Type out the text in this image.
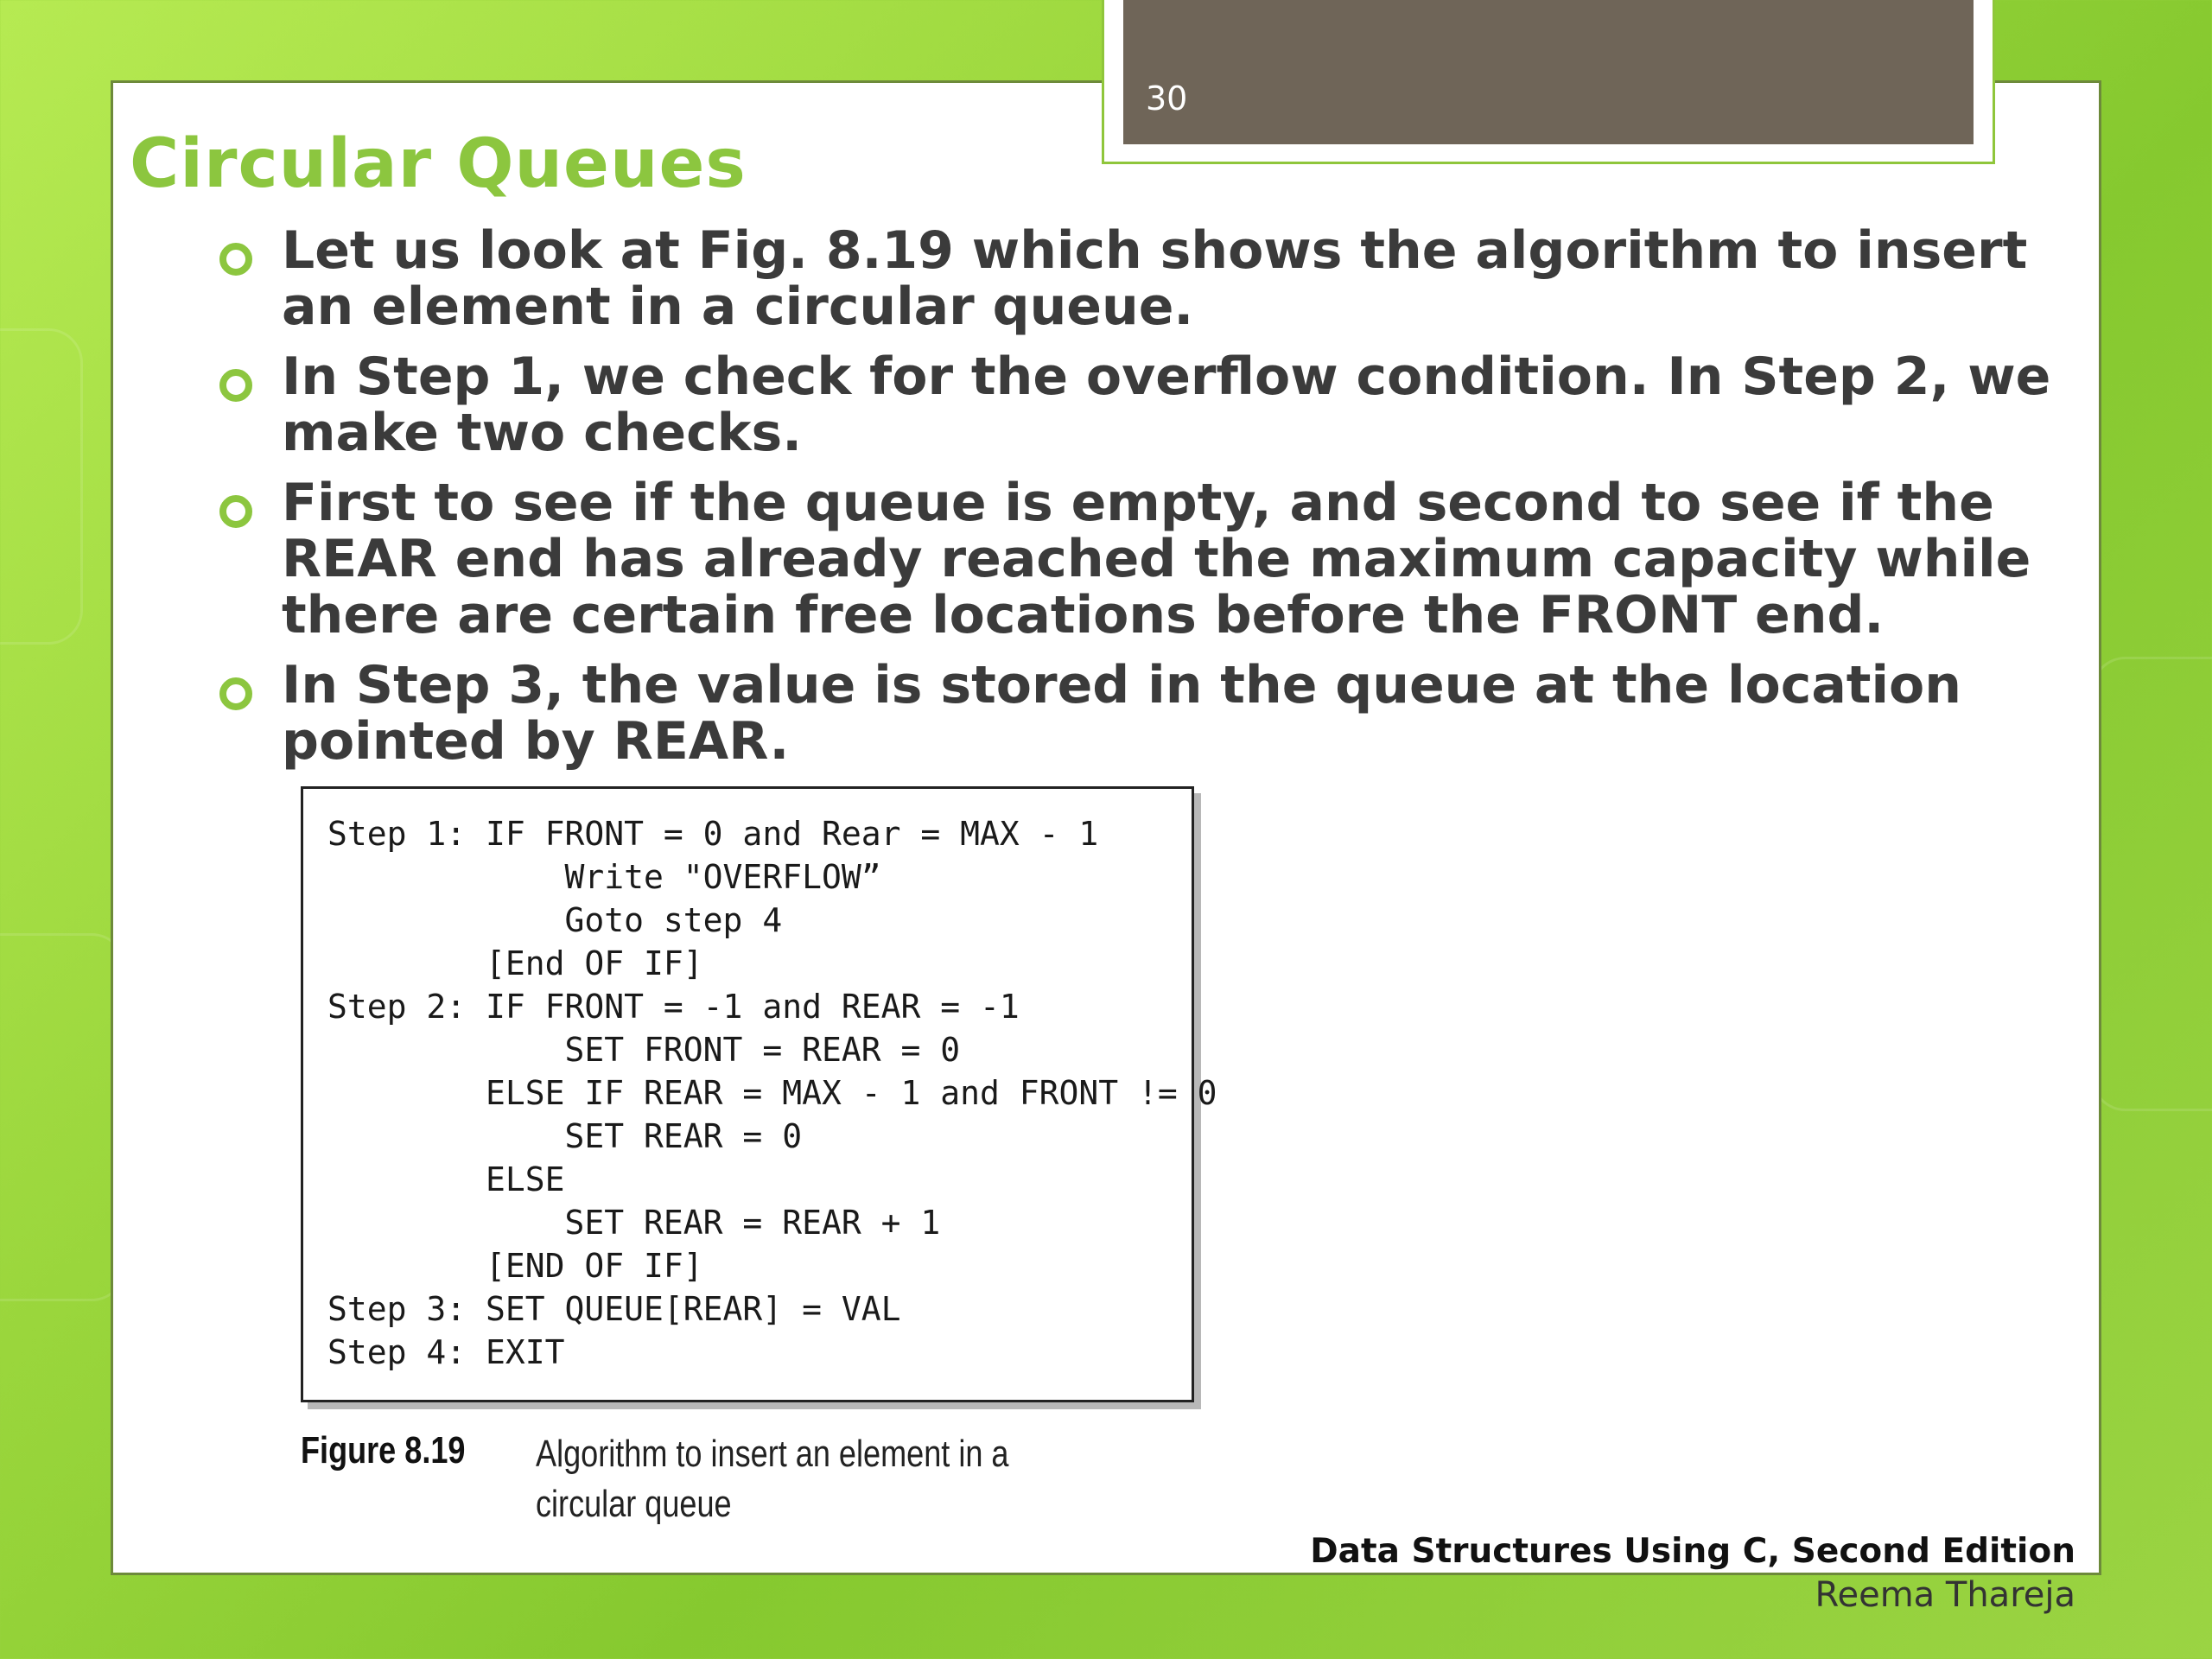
30
Circular Queues
Let us look at Fig. 8.19 which shows the algorithm to insert an element in a circular queue.
In Step 1, we check for the overflow condition. In Step 2, we make two checks.
First to see if the queue is empty, and second to see if the REAR end has already reached the maximum capacity while there are certain free locations before the FRONT end.
In Step 3, the value is stored in the queue at the location pointed by REAR.
Step 1: IF FRONT = 0 and Rear = MAX - 1
Write "OVERFLOW”
Goto step 4
[End OF IF]
Step 2: IF FRONT = -1 and REAR = -1
SET FRONT = REAR = 0
ELSE IF REAR = MAX - 1 and FRONT != 0
SET REAR = 0
ELSE
SET REAR = REAR + 1
[END OF IF]
Step 3: SET QUEUE[REAR] = VAL
Step 4: EXIT
Figure 8.19 Algorithm to insert an element in a circular queue
Data Structures Using C, Second Edition
Reema Thareja
